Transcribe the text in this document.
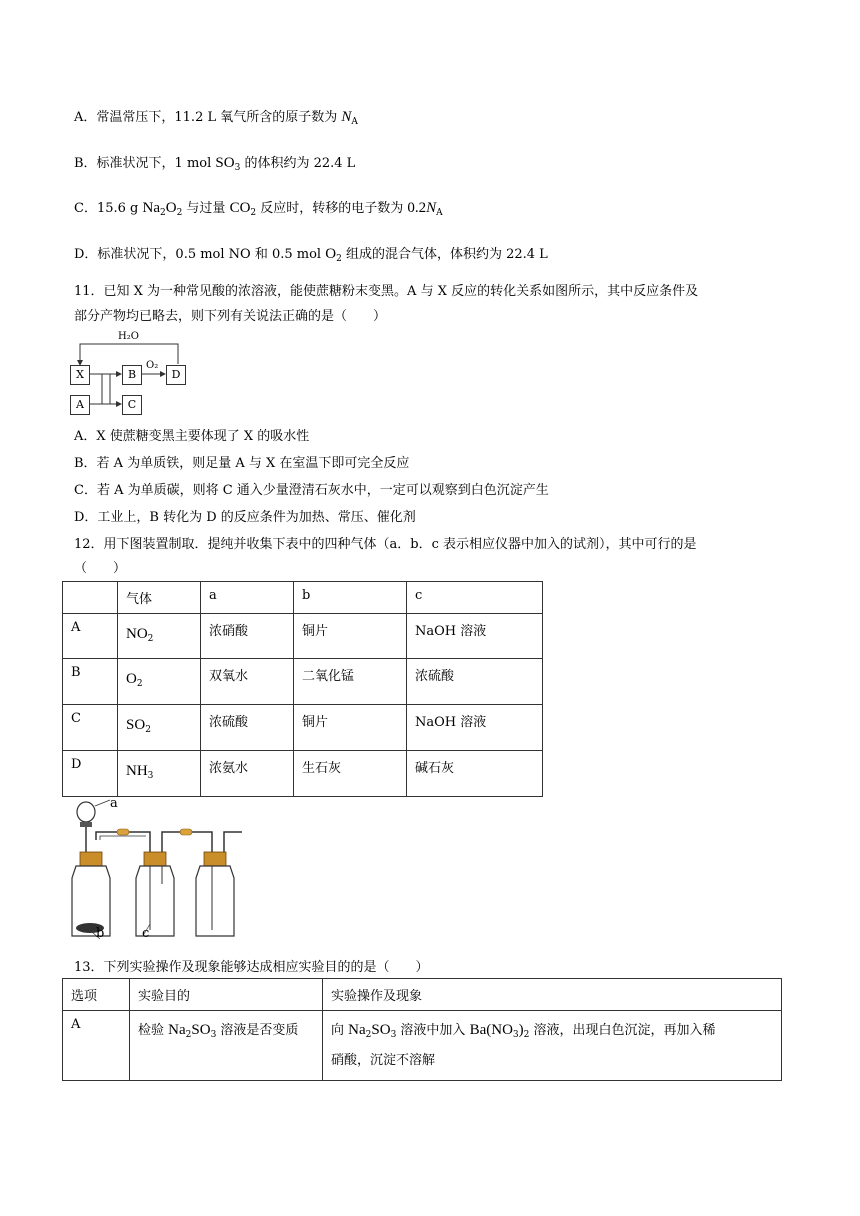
A．常温常压下，11.2 L 氧气所含的原子数为 $N_A$
B．标准状况下，1 mol $SO_3$ 的体积约为 22.4 L
C．15.6 g $Na_2O_2$ 与过量 $CO_2$ 反应时，转移的电子数为 $0.2N_A$
D．标准状况下，0.5 mol NO 和 0.5 mol $O_2$ 组成的混合气体，体积约为 22.4 L
11．已知 X 为一种常见酸的浓溶液，能使蔗糖粉末变黑。A 与 X 反应的转化关系如图所示，其中反应条件及
部分产物均已略去，则下列有关说法正确的是（　　）
H₂O
O₂
X	B	D
A	C
A．X 使蔗糖变黑主要体现了 X 的吸水性
B．若 A 为单质铁，则足量 A 与 X 在室温下即可完全反应
C．若 A 为单质碳，则将 C 通入少量澄清石灰水中，一定可以观察到白色沉淀产生
D．工业上，B 转化为 D 的反应条件为加热、常压、催化剂
12．用下图装置制取．提纯并收集下表中的四种气体（a．b．c 表示相应仪器中加入的试剂），其中可行的是
（　　）
	气体	a	b	c
A	$NO_2$	浓硝酸	铜片	NaOH 溶液
B	$O_2$	双氧水	二氧化锰	浓硫酸
C	$SO_2$	浓硫酸	铜片	NaOH 溶液
D	$NH_3$	浓氨水	生石灰	碱石灰
a
b	c
13．下列实验操作及现象能够达成相应实验目的的是（　　）
选项	实验目的	实验操作及现象
A	检验 $Na_2SO_3$ 溶液是否变质	向 $Na_2SO_3$ 溶液中加入 $Ba(NO_3)_2$ 溶液，出现白色沉淀，再加入稀
硝酸，沉淀不溶解
